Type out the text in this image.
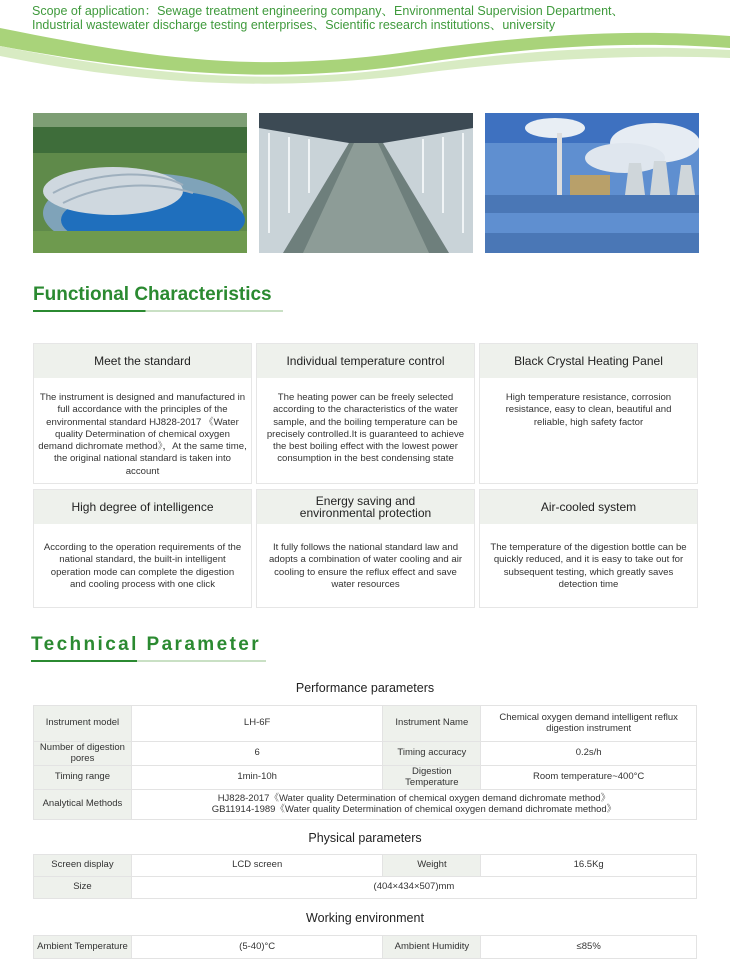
Scope of application：Sewage treatment engineering company、Environmental Supervision Department、
Industrial wastewater discharge testing enterprises、Scientific research institutions、university
Functional Characteristics
Meet the standard
The instrument is designed and manufactured in full accordance with the principles of the environmental standard HJ828-2017 《Water quality Determination of chemical oxygen demand dichromate method》，At the same time, the original national standard is taken into account
Individual temperature control
The heating power can be freely selected according to the characteristics of the water sample, and the boiling temperature can be precisely controlled.It is guaranteed to achieve the best boiling effect with the lowest power consumption in the best condensing state
Black Crystal Heating Panel
High temperature resistance, corrosion resistance, easy to clean, beautiful and reliable, high safety factor
High degree of intelligence
According to the operation requirements of the national standard, the built-in intelligent operation mode can complete the digestion and cooling process with one click
Energy saving and environmental protection
It fully follows the national standard law and adopts a combination of water cooling and air cooling to ensure the reflux effect and save water resources
Air-cooled system
The temperature of the digestion bottle can be quickly reduced, and it is easy to take out for subsequent testing, which greatly saves detection time
Technical Parameter
Performance parameters
Instrument model	LH-6F	Instrument Name	Chemical oxygen demand intelligent reflux digestion instrument
Number of digestion pores	6	Timing accuracy	0.2s/h
Timing range	1min-10h	Digestion Temperature	Room temperature~400°C
Analytical Methods	HJ828-2017《Water quality Determination of chemical oxygen demand dichromate method》
GB11914-1989《Water quality Determination of chemical oxygen demand dichromate method》		
Physical parameters
Screen display	LCD screen	Weight	16.5Kg
Size	(404×434×507)mm		
Working environment
Ambient Temperature	(5-40)°C	Ambient Humidity	≤85%
